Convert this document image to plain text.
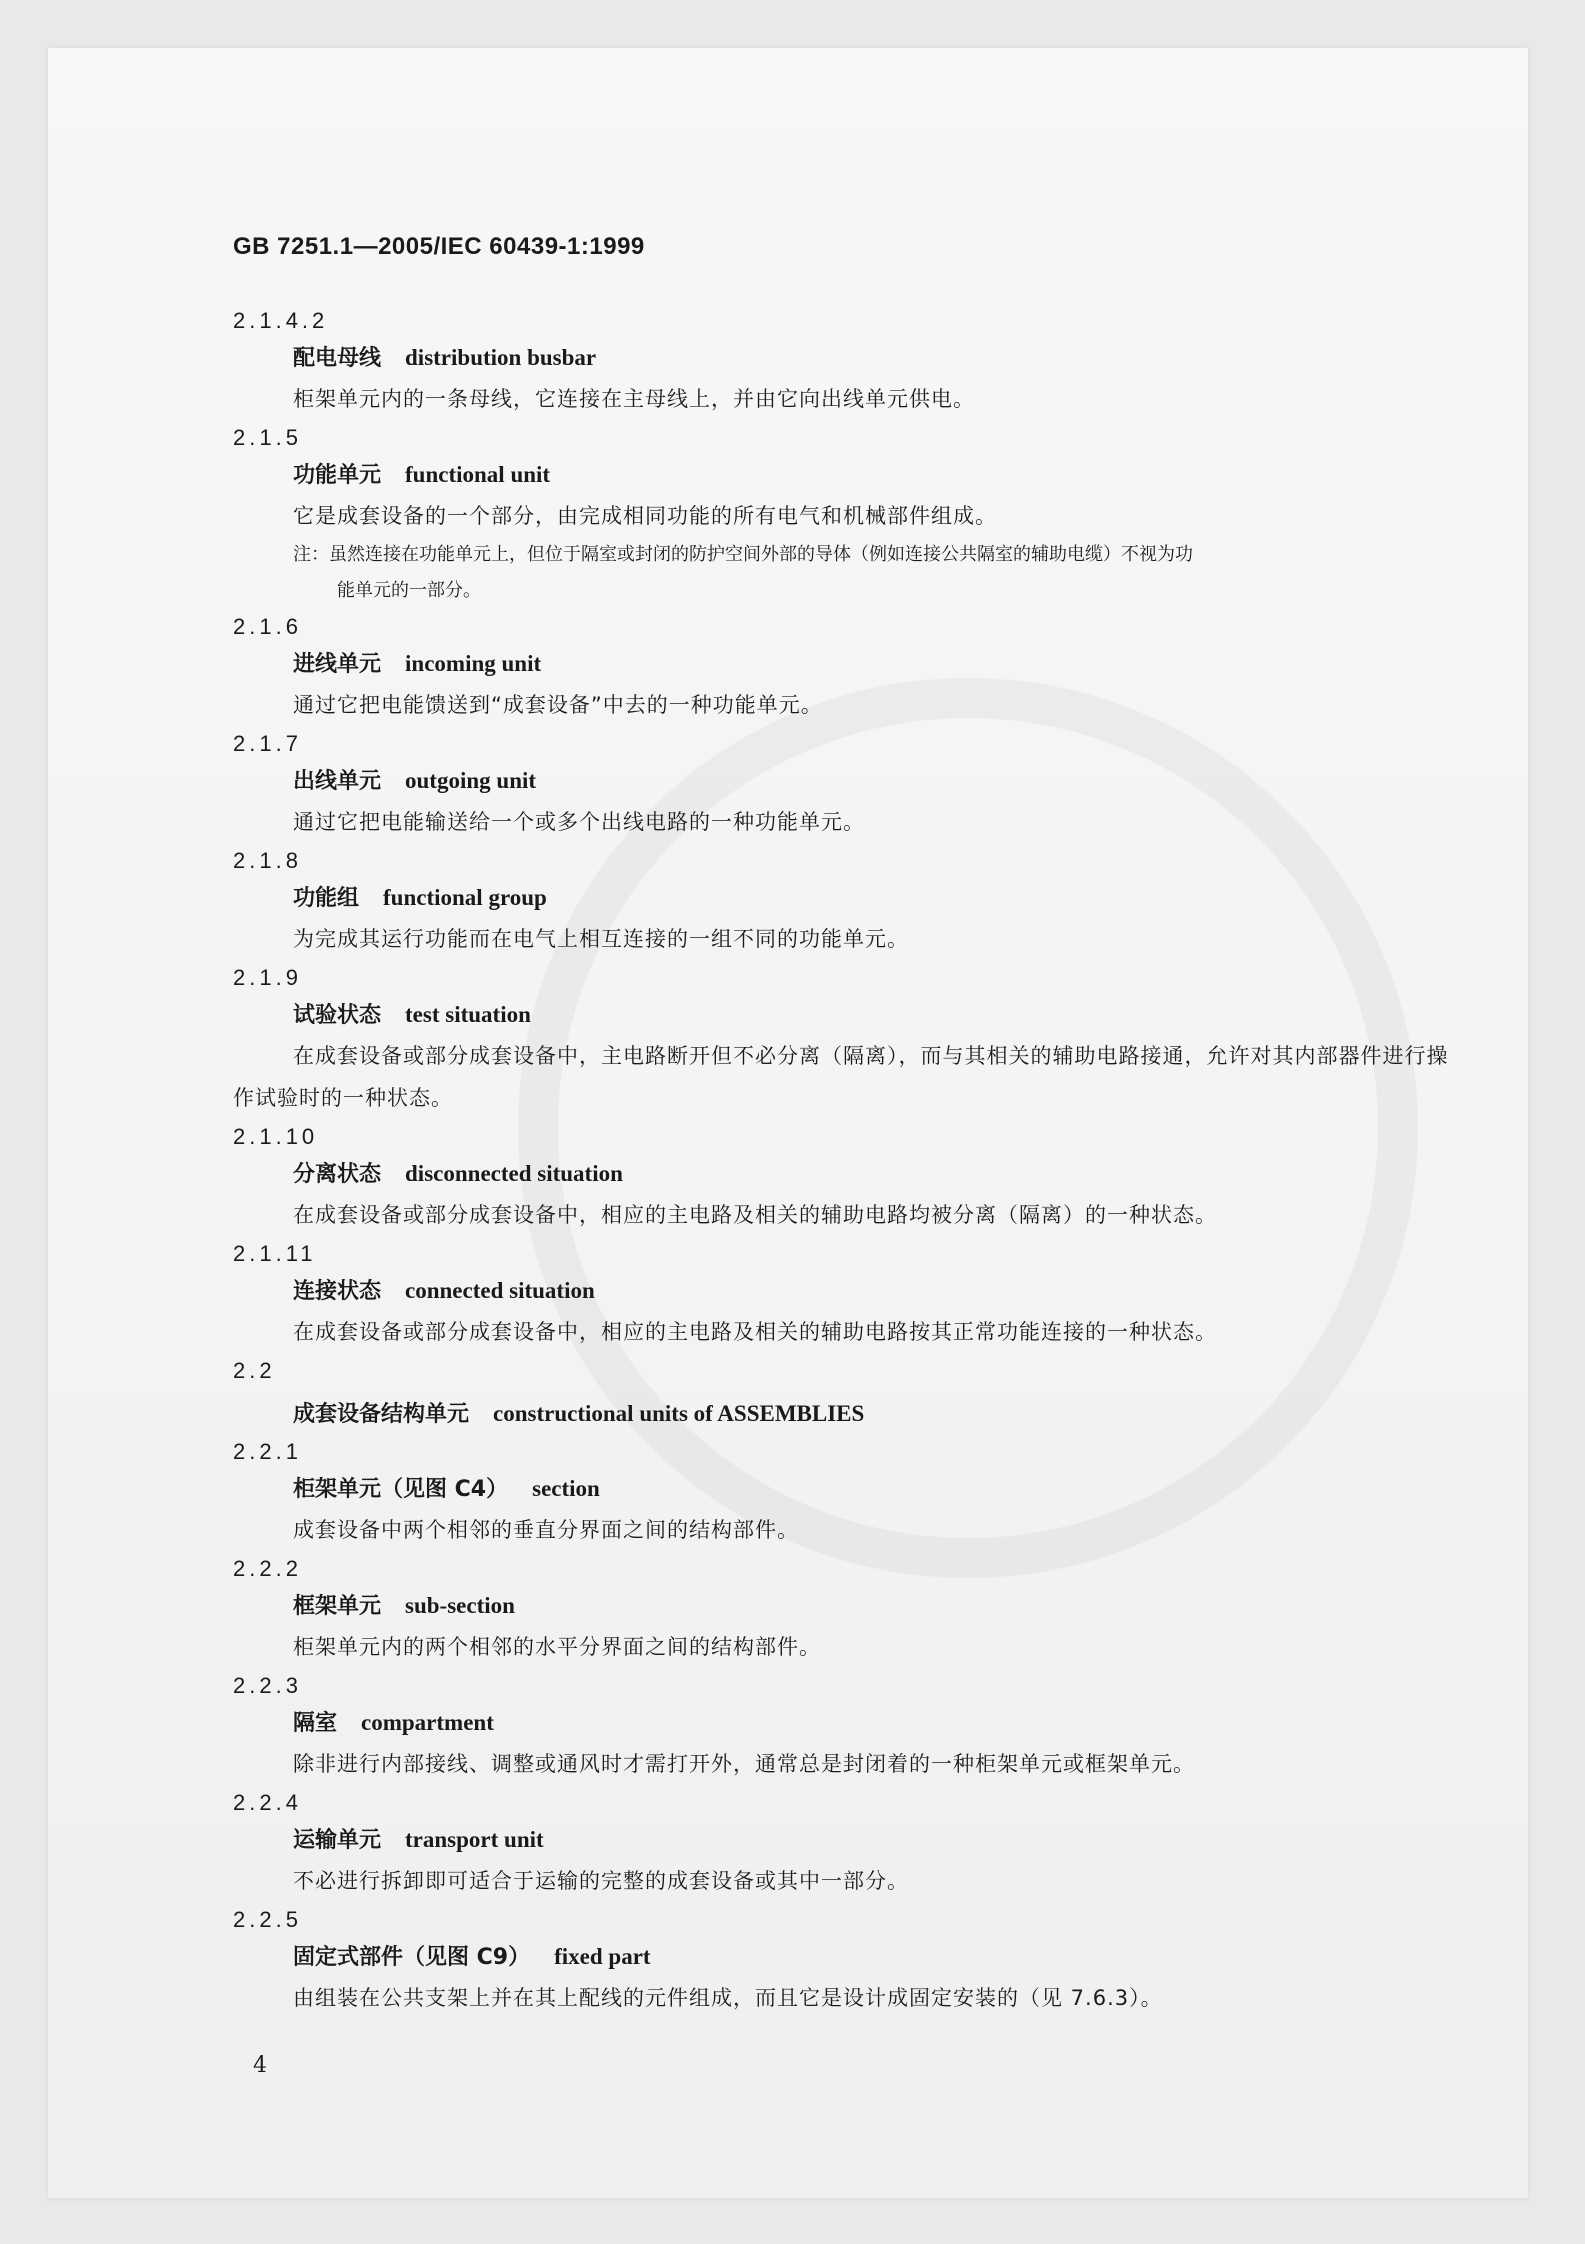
GB 7251.1—2005/IEC 60439-1:1999
2.1.4.2
配电母线 distribution busbar
柜架单元内的一条母线，它连接在主母线上，并由它向出线单元供电。
2.1.5
功能单元 functional unit
它是成套设备的一个部分，由完成相同功能的所有电气和机械部件组成。
注：虽然连接在功能单元上，但位于隔室或封闭的防护空间外部的导体（例如连接公共隔室的辅助电缆）不视为功
能单元的一部分。
2.1.6
进线单元 incoming unit
通过它把电能馈送到“成套设备”中去的一种功能单元。
2.1.7
出线单元 outgoing unit
通过它把电能输送给一个或多个出线电路的一种功能单元。
2.1.8
功能组 functional group
为完成其运行功能而在电气上相互连接的一组不同的功能单元。
2.1.9
试验状态 test situation
在成套设备或部分成套设备中，主电路断开但不必分离（隔离），而与其相关的辅助电路接通，允许对其内部器件进行操作试验时的一种状态。
2.1.10
分离状态 disconnected situation
在成套设备或部分成套设备中，相应的主电路及相关的辅助电路均被分离（隔离）的一种状态。
2.1.11
连接状态 connected situation
在成套设备或部分成套设备中，相应的主电路及相关的辅助电路按其正常功能连接的一种状态。
2.2
成套设备结构单元 constructional units of ASSEMBLIES
2.2.1
柜架单元（见图 C4） section
成套设备中两个相邻的垂直分界面之间的结构部件。
2.2.2
框架单元 sub-section
柜架单元内的两个相邻的水平分界面之间的结构部件。
2.2.3
隔室 compartment
除非进行内部接线、调整或通风时才需打开外，通常总是封闭着的一种柜架单元或框架单元。
2.2.4
运输单元 transport unit
不必进行拆卸即可适合于运输的完整的成套设备或其中一部分。
2.2.5
固定式部件（见图 C9） fixed part
由组装在公共支架上并在其上配线的元件组成，而且它是设计成固定安装的（见 7.6.3）。
4
